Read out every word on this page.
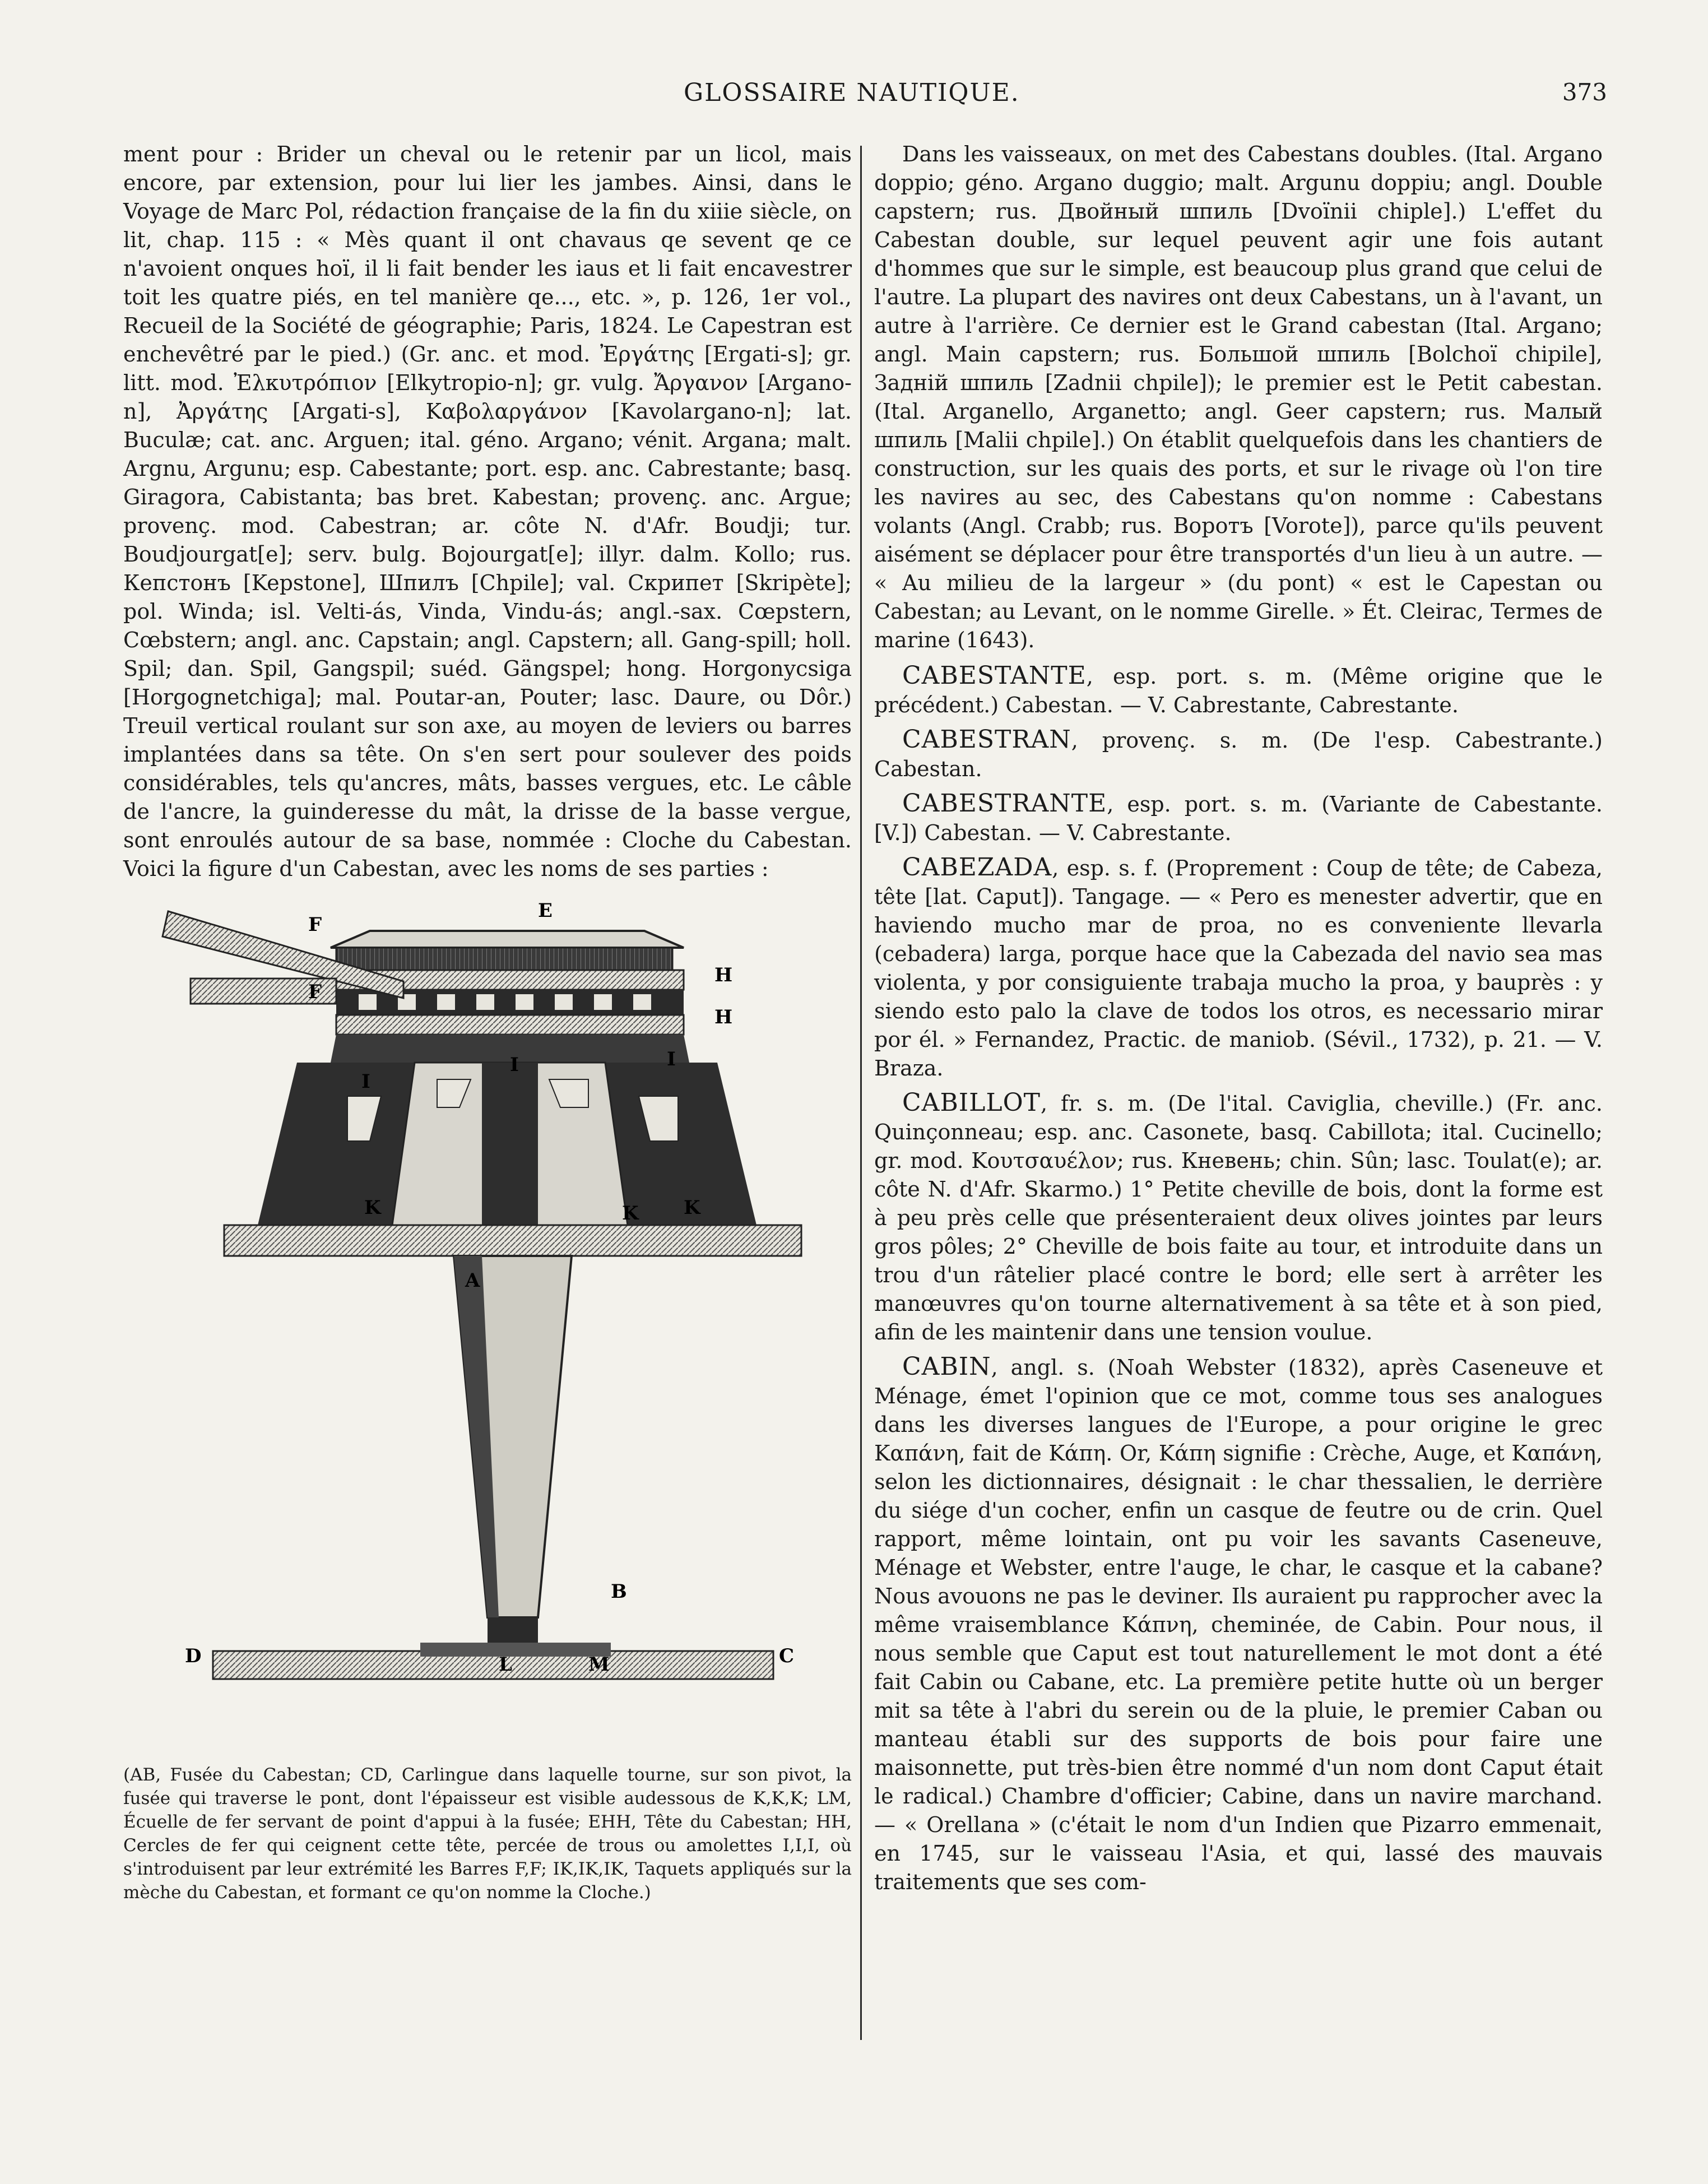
GLOSSAIRE NAUTIQUE.	373

ment pour : Brider un cheval ou le retenir par un licol, mais encore, par extension, pour lui lier les jambes. Ainsi, dans le Voyage de Marc Pol, rédaction française de la fin du xiiie siècle, on lit, chap. 115 : « Mès quant il ont chavaus qe sevent qe ce n'avoient onques hoï, il li fait bender les iaus et li fait encavestrer toit les quatre piés, en tel manière qe..., etc. », p. 126, 1er vol., Recueil de la Société de géographie; Paris, 1824. Le Capestran est enchevêtré par le pied.) (Gr. anc. et mod. Ἐργάτης [Ergati-s]; gr. litt. mod. Ἐλκυτρόπιον [Elkytropio-n]; gr. vulg. Ἄργανον [Argano-n], Ἀργάτης [Argati-s], Καβολαργάνον [Kavolargano-n]; lat. Buculæ; cat. anc. Arguen; ital. géno. Argano; vénit. Argana; malt. Argnu, Argunu; esp. Cabestante; port. esp. anc. Cabrestante; basq. Giragora, Cabistanta; bas bret. Kabestan; provenç. anc. Argue; provenç. mod. Cabestran; ar. côte N. d'Afr. Boudji; tur. Boudjourgat[e]; serv. bulg. Bojourgat[e]; illyr. dalm. Kollo; rus. Кепстонъ [Kepstone], Шпилъ [Chpile]; val. Скрипет [Skripète]; pol. Winda; isl. Velti-ás, Vinda, Vindu-ás; angl.-sax. Cœpstern, Cœbstern; angl. anc. Capstain; angl. Capstern; all. Gang-spill; holl. Spil; dan. Spil, Gangspil; suéd. Gängspel; hong. Horgonycsiga [Horgognetchiga]; mal. Poutar-an, Pouter; lasc. Daure, ou Dôr.) Treuil vertical roulant sur son axe, au moyen de leviers ou barres implantées dans sa tête. On s'en sert pour soulever des poids considérables, tels qu'ancres, mâts, basses vergues, etc. Le câble de l'ancre, la guinderesse du mât, la drisse de la basse vergue, sont enroulés autour de sa base, nommée : Cloche du Cabestan. Voici la figure d'un Cabestan, avec les noms de ses parties :

E
F
F
H
H
I
I	I
K	K K
A
B
C
D	L	M

(AB, Fusée du Cabestan; CD, Carlingue dans laquelle tourne, sur son pivot, la fusée qui traverse le pont, dont l'épaisseur est visible audessous de K,K,K; LM, Écuelle de fer servant de point d'appui à la fusée; EHH, Tête du Cabestan; HH, Cercles de fer qui ceignent cette tête, percée de trous ou amolettes I,I,I, où s'introduisent par leur extrémité les Barres F,F; IK,IK,IK, Taquets appliqués sur la mèche du Cabestan, et formant ce qu'on nomme la Cloche.)

Dans les vaisseaux, on met des Cabestans doubles. (Ital. Argano doppio; géno. Argano duggio; malt. Argunu doppiu; angl. Double capstern; rus. Двойный шпиль [Dvoïnii chiple].) L'effet du Cabestan double, sur lequel peuvent agir une fois autant d'hommes que sur le simple, est beaucoup plus grand que celui de l'autre. La plupart des navires ont deux Cabestans, un à l'avant, un autre à l'arrière. Ce dernier est le Grand cabestan (Ital. Argano; angl. Main capstern; rus. Большой шпиль [Bolchoï chipile], Задній шпиль [Zadnii chpile]); le premier est le Petit cabestan. (Ital. Arganello, Arganetto; angl. Geer capstern; rus. Малый шпиль [Malii chpile].) On établit quelquefois dans les chantiers de construction, sur les quais des ports, et sur le rivage où l'on tire les navires au sec, des Cabestans qu'on nomme : Cabestans volants (Angl. Crabb; rus. Воротъ [Vorote]), parce qu'ils peuvent aisément se déplacer pour être transportés d'un lieu à un autre. — « Au milieu de la largeur » (du pont) « est le Capestan ou Cabestan; au Levant, on le nomme Girelle. » Ét. Cleirac, Termes de marine (1643).

CABESTANTE, esp. port. s. m. (Même origine que le précédent.) Cabestan. — V. Cabrestante, Cabrestante.

CABESTRAN, provenç. s. m. (De l'esp. Cabestrante.) Cabestan.

CABESTRANTE, esp. port. s. m. (Variante de Cabestante. [V.]) Cabestan. — V. Cabrestante.

CABEZADA, esp. s. f. (Proprement : Coup de tête; de Cabeza, tête [lat. Caput]). Tangage. — « Pero es menester advertir, que en haviendo mucho mar de proa, no es conveniente llevarla (cebadera) larga, porque hace que la Cabezada del navio sea mas violenta, y por consiguiente trabaja mucho la proa, y bauprès : y siendo esto palo la clave de todos los otros, es necessario mirar por él. » Fernandez, Practic. de maniob. (Sévil., 1732), p. 21. — V. Braza.

CABILLOT, fr. s. m. (De l'ital. Caviglia, cheville.) (Fr. anc. Quinçonneau; esp. anc. Casonete, basq. Cabillota; ital. Cucinello; gr. mod. Κουτσαυέλον; rus. Кневень; chin. Sûn; lasc. Toulat(e); ar. côte N. d'Afr. Skarmo.) 1° Petite cheville de bois, dont la forme est à peu près celle que présenteraient deux olives jointes par leurs gros pôles; 2° Cheville de bois faite au tour, et introduite dans un trou d'un râtelier placé contre le bord; elle sert à arrêter les manœuvres qu'on tourne alternativement à sa tête et à son pied, afin de les maintenir dans une tension voulue.

CABIN, angl. s. (Noah Webster (1832), après Caseneuve et Ménage, émet l'opinion que ce mot, comme tous ses analogues dans les diverses langues de l'Europe, a pour origine le grec Καπάνη, fait de Κάπη. Or, Κάπη signifie : Crèche, Auge, et Καπάνη, selon les dictionnaires, désignait : le char thessalien, le derrière du siége d'un cocher, enfin un casque de feutre ou de crin. Quel rapport, même lointain, ont pu voir les savants Caseneuve, Ménage et Webster, entre l'auge, le char, le casque et la cabane? Nous avouons ne pas le deviner. Ils auraient pu rapprocher avec la même vraisemblance Κάπνη, cheminée, de Cabin. Pour nous, il nous semble que Caput est tout naturellement le mot dont a été fait Cabin ou Cabane, etc. La première petite hutte où un berger mit sa tête à l'abri du serein ou de la pluie, le premier Caban ou manteau établi sur des supports de bois pour faire une maisonnette, put très-bien être nommé d'un nom dont Caput était le radical.) Chambre d'officier; Cabine, dans un navire marchand. — « Orellana » (c'était le nom d'un Indien que Pizarro emmenait, en 1745, sur le vaisseau l'Asia, et qui, lassé des mauvais traitements que ses com-
